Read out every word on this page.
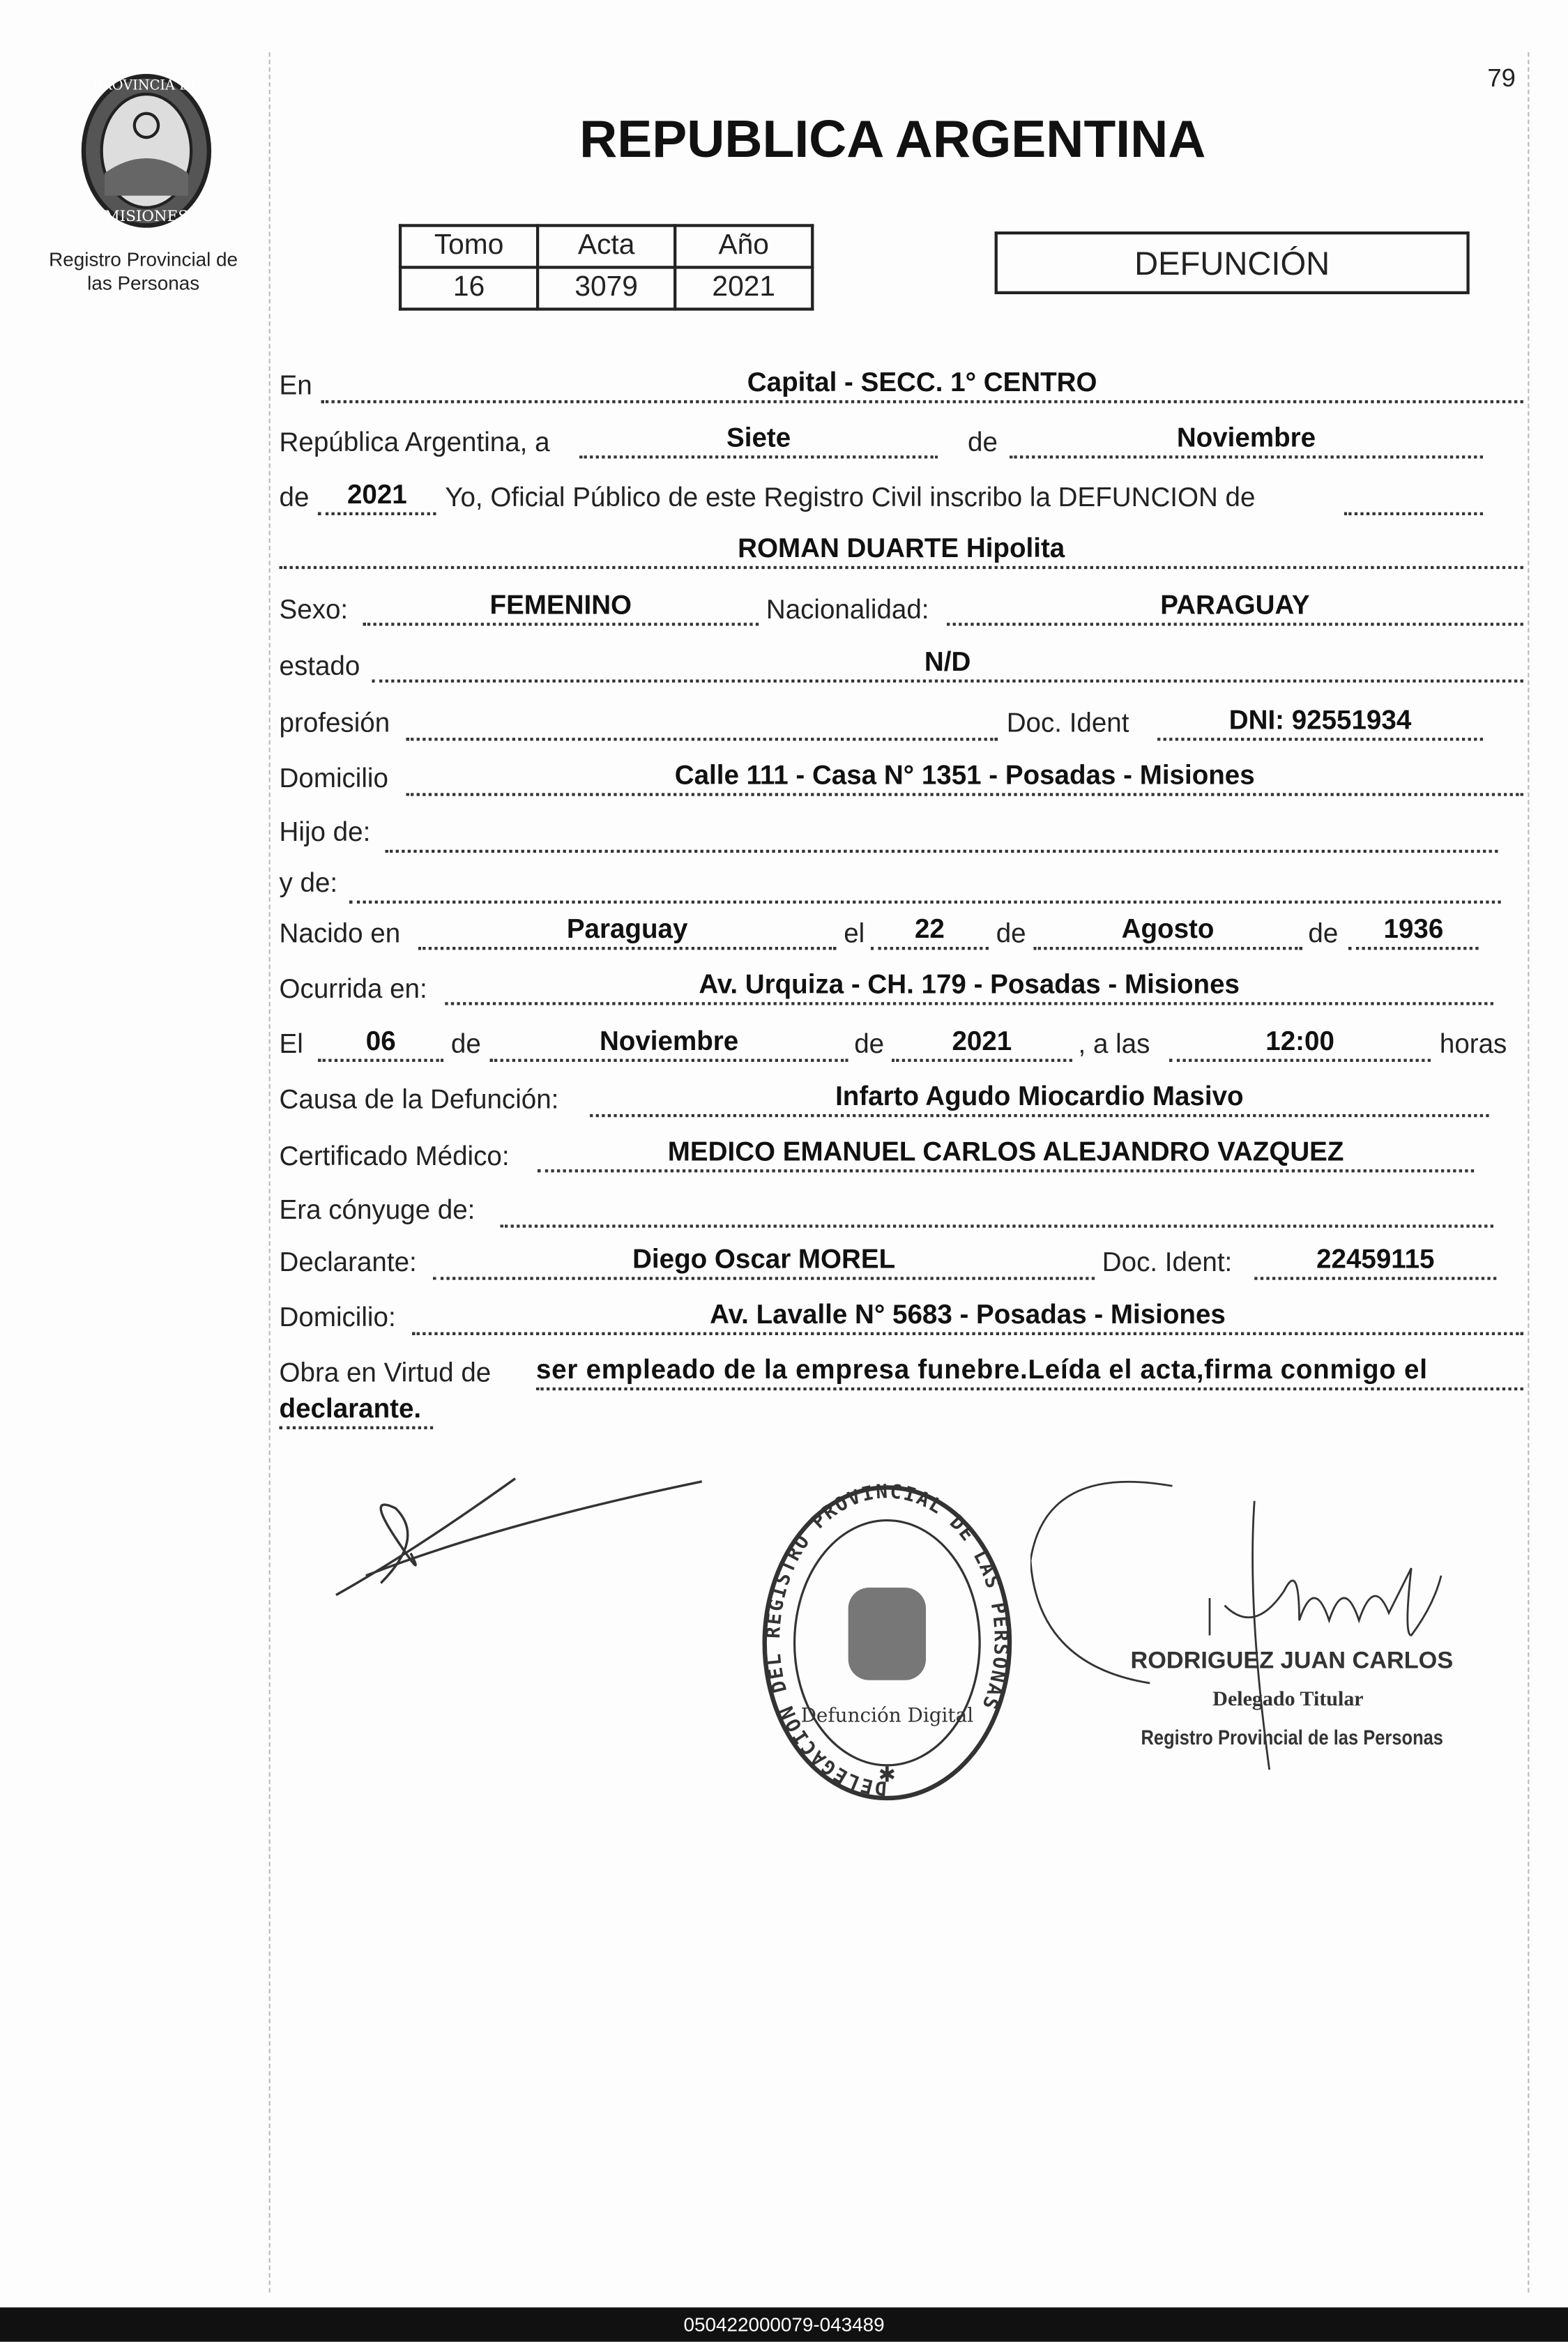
PROVINCIA DE
MISIONES
Registro Provincial de
las Personas
79
REPUBLICA ARGENTINA
Tomo	Acta	Año
16	3079	2021
DEFUNCIÓN
En	Capital - SECC. 1° CENTRO
República Argentina, a	Siete	de	Noviembre
de	2021	Yo, Oficial Público de este Registro Civil inscribo la DEFUNCION de
ROMAN DUARTE Hipolita
Sexo:	FEMENINO	Nacionalidad:	PARAGUAY
estado	N/D
profesión	Doc. Ident	DNI: 92551934
Domicilio	Calle 111 - Casa N° 1351 - Posadas - Misiones
Hijo de:
y de:
Nacido en	Paraguay	el	22	de	Agosto	de	1936
Ocurrida en:	Av. Urquiza - CH. 179 - Posadas - Misiones
El	06	de	Noviembre	de	2021	, a las	12:00	horas
Causa de la Defunción:	Infarto Agudo Miocardio Masivo
Certificado Médico:	MEDICO EMANUEL CARLOS ALEJANDRO VAZQUEZ
Era cónyuge de:
Declarante:	Diego Oscar MOREL	Doc. Ident:	22459115
Domicilio:	Av. Lavalle N° 5683 - Posadas - Misiones
Obra en Virtud de	ser empleado de la empresa funebre.Leída el acta,firma conmigo el
declarante.
DELEGACION DEL REGISTRO PROVINCIAL DE LAS PERSONAS
Defunción Digital
✱
RODRIGUEZ JUAN CARLOS
Delegado Titular
Registro Provincial de las Personas
050422000079-043489
